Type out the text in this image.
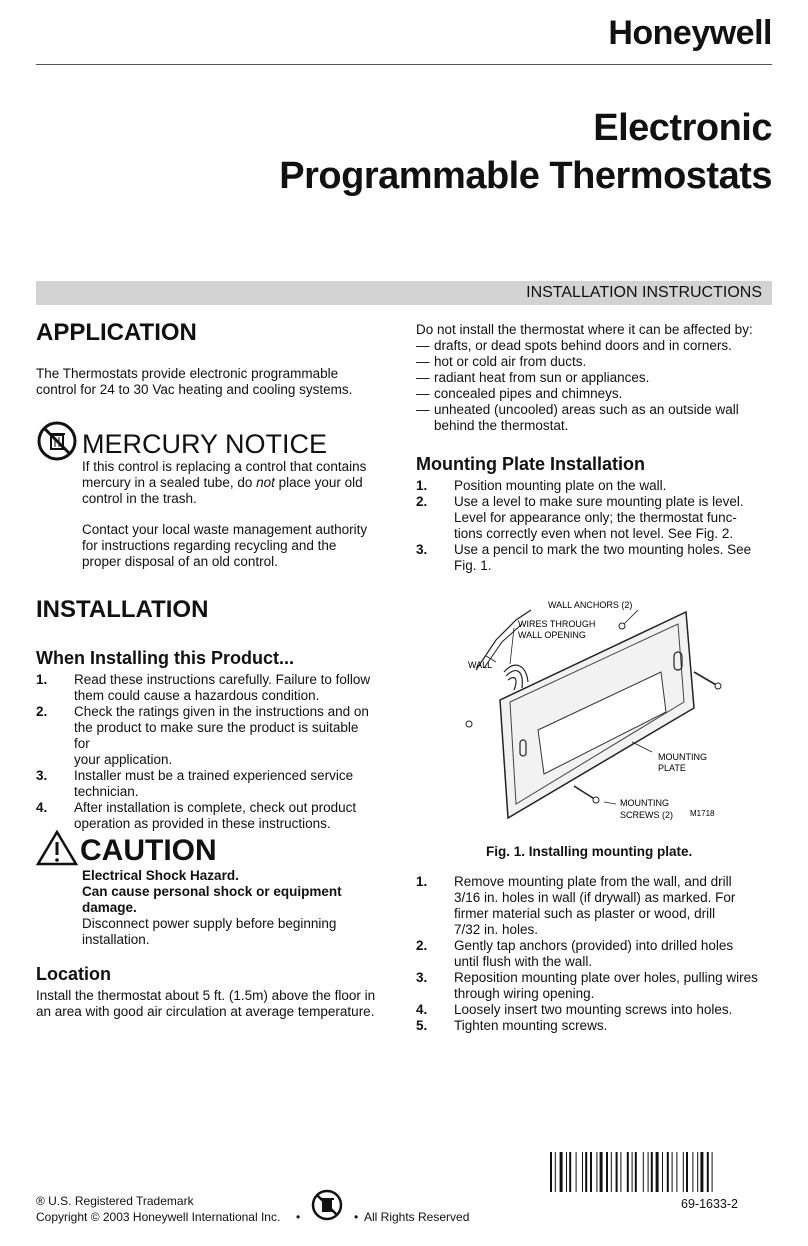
Honeywell
Electronic
Programmable Thermostats
INSTALLATION INSTRUCTIONS
APPLICATION
The Thermostats provide electronic programmable
control for 24 to 30 Vac heating and cooling systems.
MERCURY NOTICE
If this control is replacing a control that contains
mercury in a sealed tube, do not place your old
control in the trash.
Contact your local waste management authority
for instructions regarding recycling and the
proper disposal of an old control.
INSTALLATION
When Installing this Product...
1.	Read these instructions carefully. Failure to follow
them could cause a hazardous condition.
2.	Check the ratings given in the instructions and on
the product to make sure the product is suitable for
your application.
3.	Installer must be a trained experienced service
technician.
4.	After installation is complete, check out product
operation as provided in these instructions.
CAUTION
Electrical Shock Hazard.
Can cause personal shock or equipment
damage.
Disconnect power supply before beginning
installation.
Location
Install the thermostat about 5 ft. (1.5m) above the floor in
an area with good air circulation at average temperature.
Do not install the thermostat where it can be affected by:
— drafts, or dead spots behind doors and in corners.
— hot or cold air from ducts.
— radiant heat from sun or appliances.
— concealed pipes and chimneys.
— unheated (uncooled) areas such as an outside wall
behind the thermostat.
Mounting Plate Installation
1.	Position mounting plate on the wall.
2.	Use a level to make sure mounting plate is level.
Level for appearance only; the thermostat func-
tions correctly even when not level. See Fig. 2.
3.	Use a pencil to mark the two mounting holes. See
Fig. 1.
WALL ANCHORS (2)
WIRES THROUGH
WALL OPENING
WALL
MOUNTING
PLATE
MOUNTING
SCREWS (2) M1718
Fig. 1. Installing mounting plate.
1.	Remove mounting plate from the wall, and drill
3/16 in. holes in wall (if drywall) as marked. For
firmer material such as plaster or wood, drill
7/32 in. holes.
2.	Gently tap anchors (provided) into drilled holes
until flush with the wall.
3.	Reposition mounting plate over holes, pulling wires
through wiring opening.
4.	Loosely insert two mounting screws into holes.
5.	Tighten mounting screws.
® U.S. Registered Trademark
Copyright © 2003 Honeywell International Inc. •	• All Rights Reserved
69-1633-2
